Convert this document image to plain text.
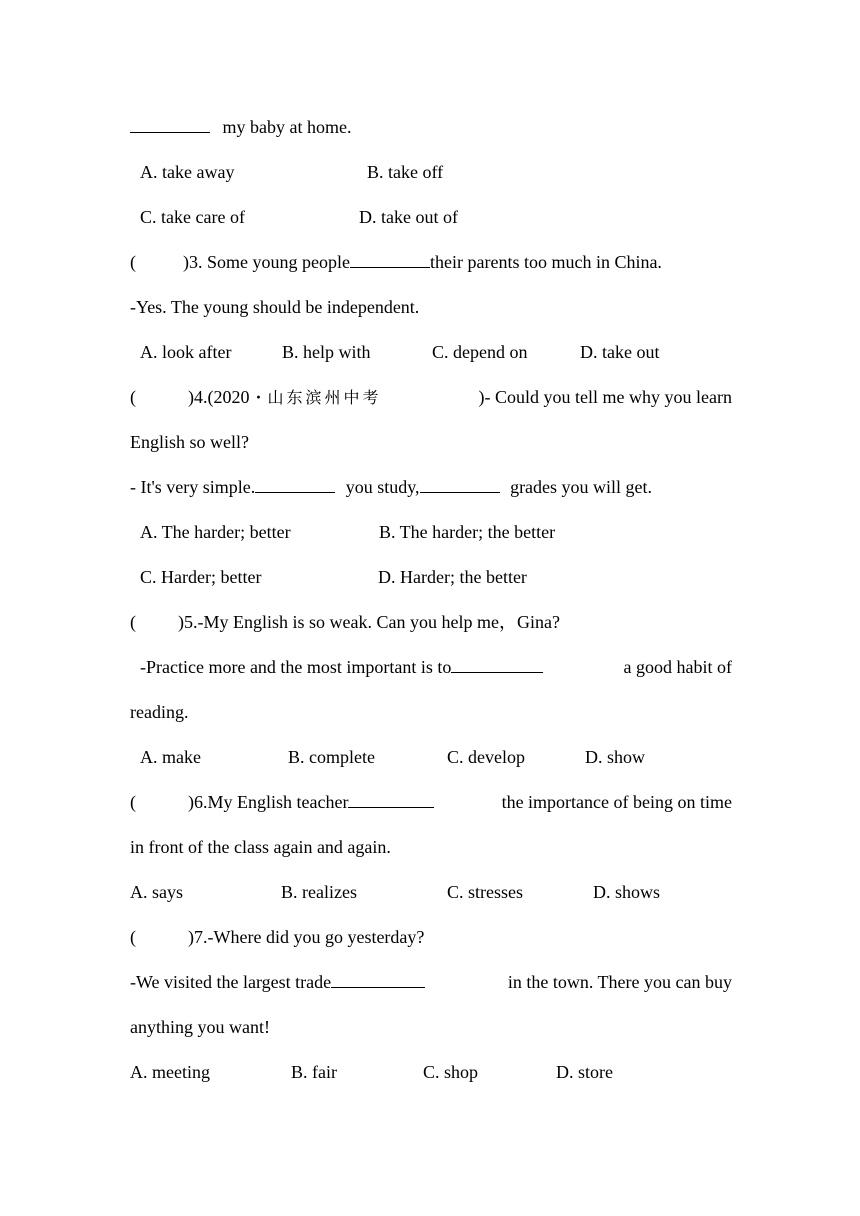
my baby at home.
A. take away	B. take off
C. take care of	D. take out of
(	)3. Some young people	their parents too much in China.
-Yes. The young should be independent.
A. look after	B. help with	C. depend on	D. take out
(	)4.(2020 · 山东滨州中考	)- Could you tell me why you learn
English so well?
- It's very simple.	you study,	grades you will get.
A. The harder; better	B. The harder; the better
C. Harder; better	D. Harder; the better
( )5.-My English is so weak. Can you help me，Gina?
-Practice more and the most important is to	a good habit of
reading.
A. make	B. complete	C. develop	D. show
(	)6.My English teacher	the importance of being on time
in front of the class again and again.
A. says	B. realizes	C. stresses	D. shows
(	)7.-Where did you go yesterday?
-We visited the largest trade	in the town. There you can buy
anything you want!
A. meeting	B. fair	C. shop	D. store
